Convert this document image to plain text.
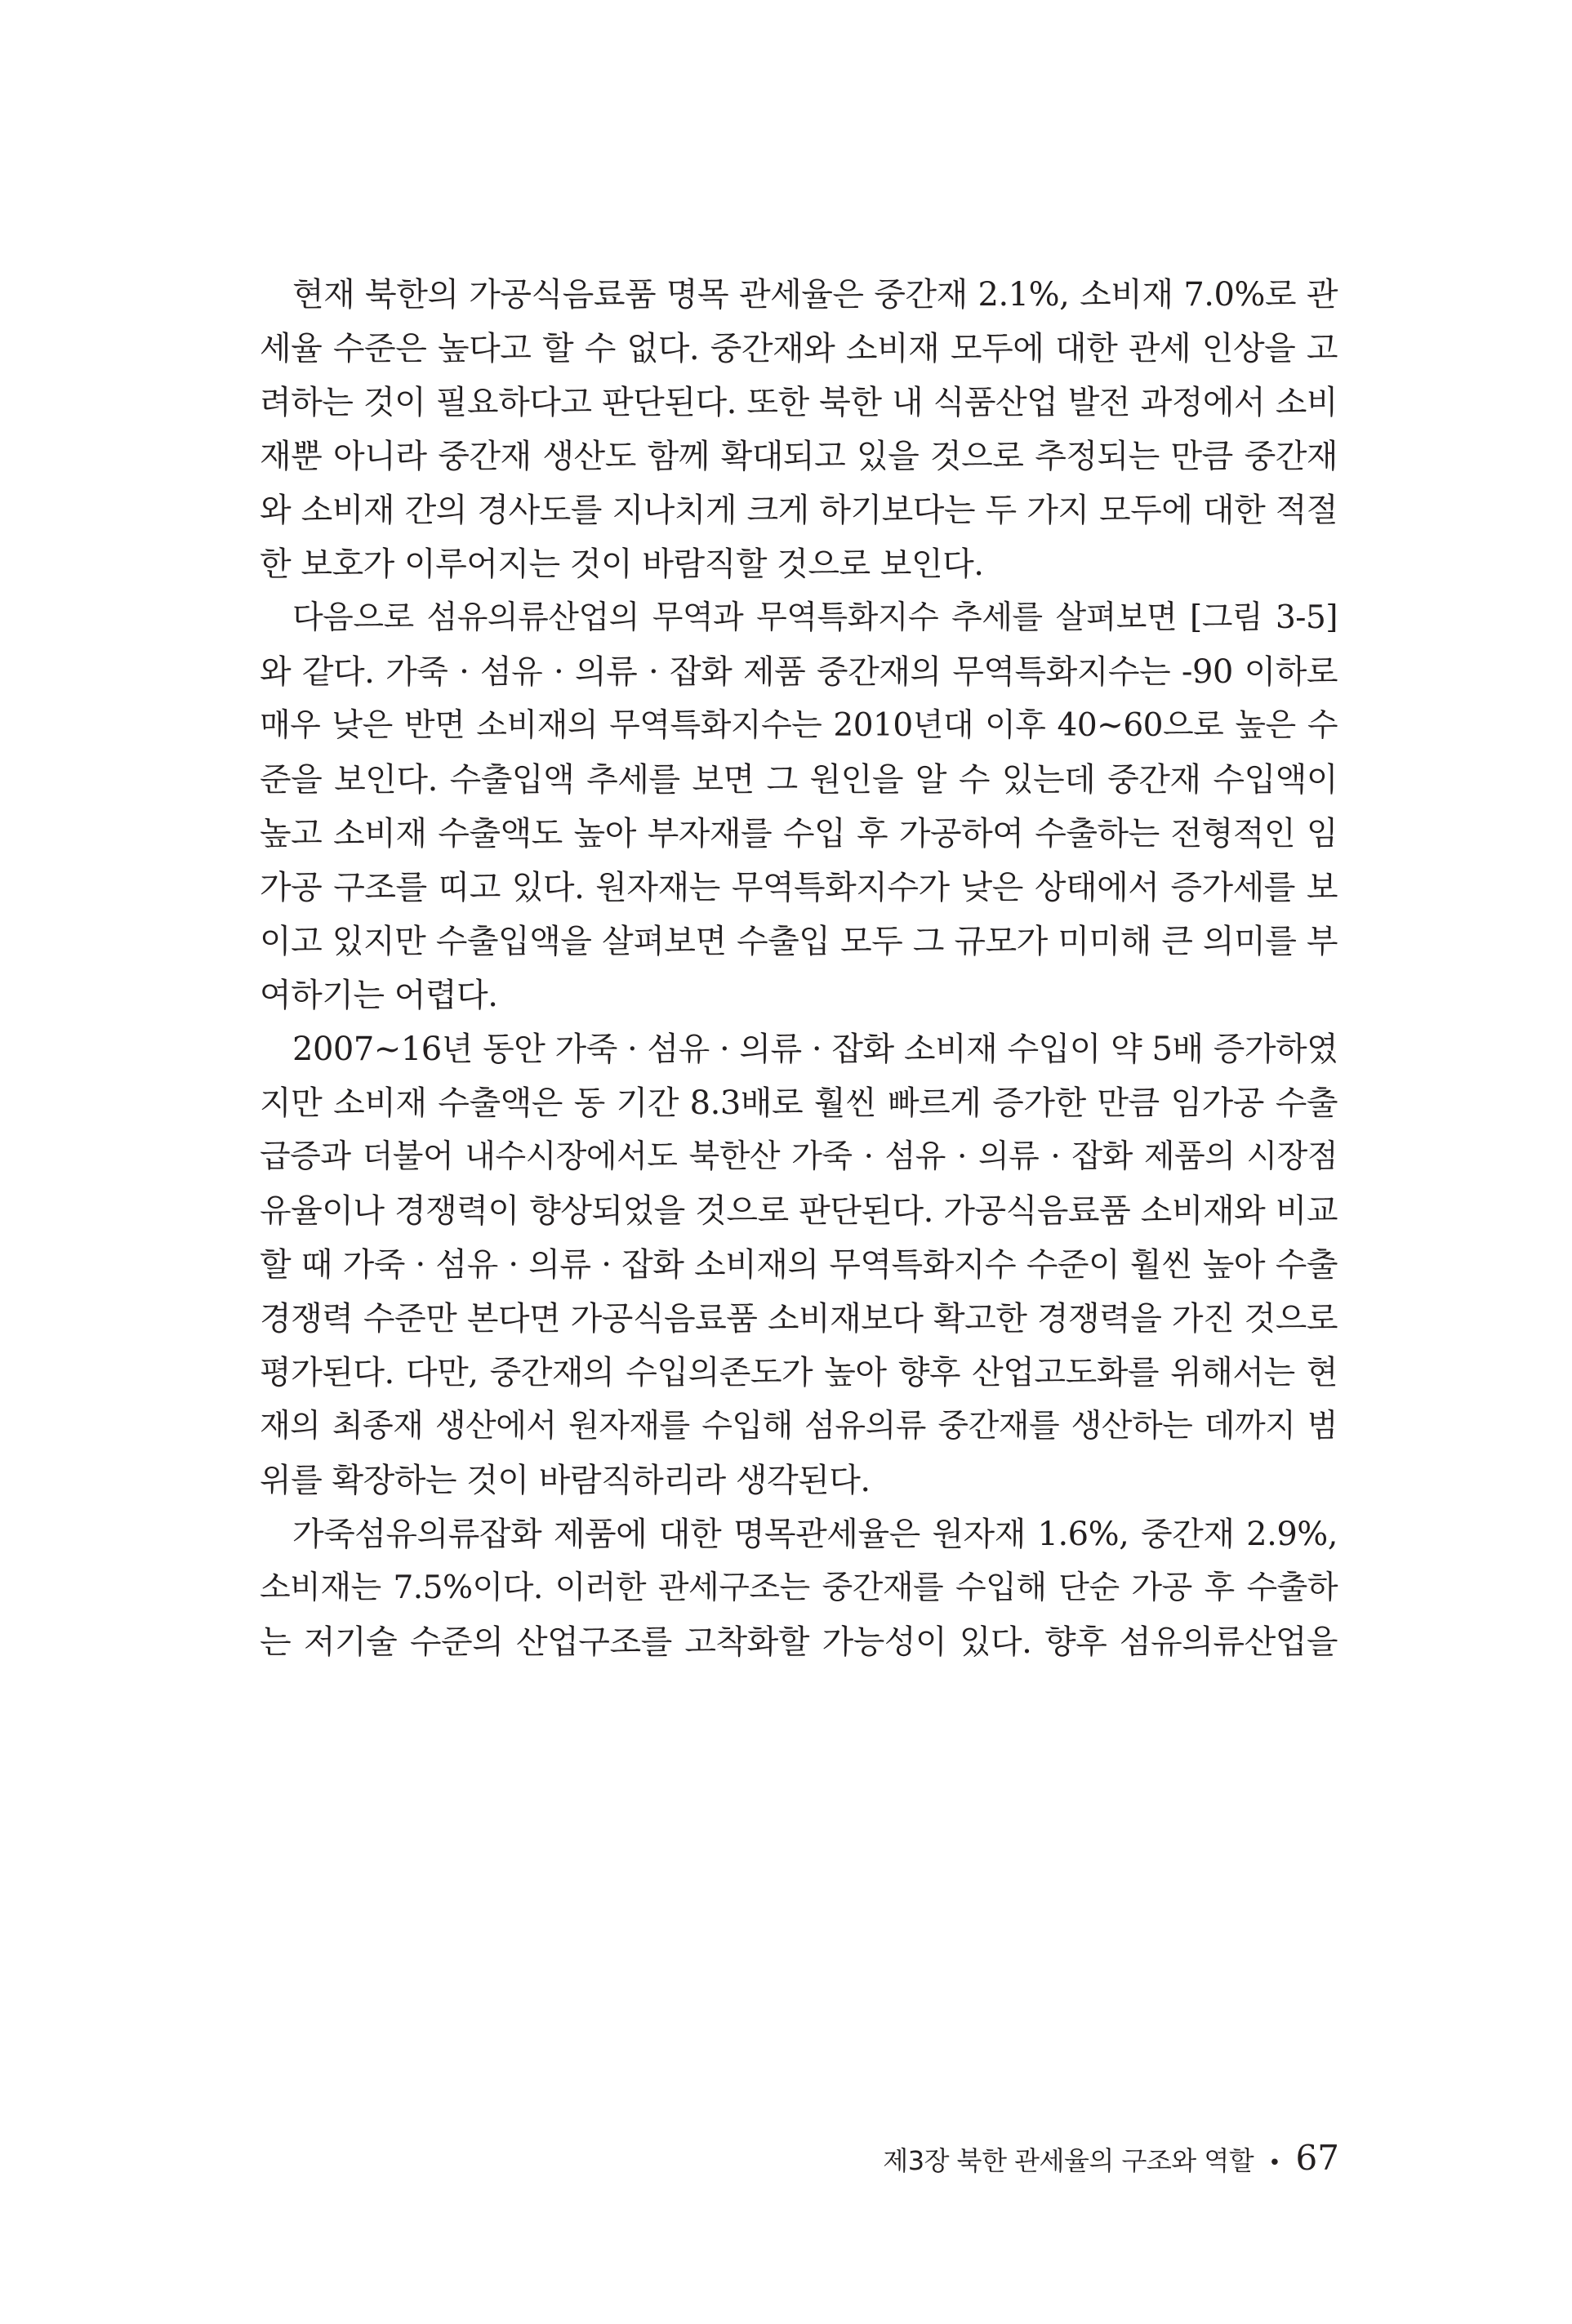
현재 북한의 가공식음료품 명목 관세율은 중간재 2.1%, 소비재 7.0%로 관
세율 수준은 높다고 할 수 없다. 중간재와 소비재 모두에 대한 관세 인상을 고
려하는 것이 필요하다고 판단된다. 또한 북한 내 식품산업 발전 과정에서 소비
재뿐 아니라 중간재 생산도 함께 확대되고 있을 것으로 추정되는 만큼 중간재
와 소비재 간의 경사도를 지나치게 크게 하기보다는 두 가지 모두에 대한 적절
한 보호가 이루어지는 것이 바람직할 것으로 보인다.

다음으로 섬유의류산업의 무역과 무역특화지수 추세를 살펴보면 [그림 3-5]
와 같다. 가죽 · 섬유 · 의류 · 잡화 제품 중간재의 무역특화지수는 -90 이하로
매우 낮은 반면 소비재의 무역특화지수는 2010년대 이후 40~60으로 높은 수
준을 보인다. 수출입액 추세를 보면 그 원인을 알 수 있는데 중간재 수입액이
높고 소비재 수출액도 높아 부자재를 수입 후 가공하여 수출하는 전형적인 임
가공 구조를 띠고 있다. 원자재는 무역특화지수가 낮은 상태에서 증가세를 보
이고 있지만 수출입액을 살펴보면 수출입 모두 그 규모가 미미해 큰 의미를 부
여하기는 어렵다.

2007~16년 동안 가죽 · 섬유 · 의류 · 잡화 소비재 수입이 약 5배 증가하였
지만 소비재 수출액은 동 기간 8.3배로 훨씬 빠르게 증가한 만큼 임가공 수출
급증과 더불어 내수시장에서도 북한산 가죽 · 섬유 · 의류 · 잡화 제품의 시장점
유율이나 경쟁력이 향상되었을 것으로 판단된다. 가공식음료품 소비재와 비교
할 때 가죽 · 섬유 · 의류 · 잡화 소비재의 무역특화지수 수준이 훨씬 높아 수출
경쟁력 수준만 본다면 가공식음료품 소비재보다 확고한 경쟁력을 가진 것으로
평가된다. 다만, 중간재의 수입의존도가 높아 향후 산업고도화를 위해서는 현
재의 최종재 생산에서 원자재를 수입해 섬유의류 중간재를 생산하는 데까지 범
위를 확장하는 것이 바람직하리라 생각된다.

가죽섬유의류잡화 제품에 대한 명목관세율은 원자재 1.6%, 중간재 2.9%,
소비재는 7.5%이다. 이러한 관세구조는 중간재를 수입해 단순 가공 후 수출하
는 저기술 수준의 산업구조를 고착화할 가능성이 있다. 향후 섬유의류산업을

제3장 북한 관세율의 구조와 역할 • 67
